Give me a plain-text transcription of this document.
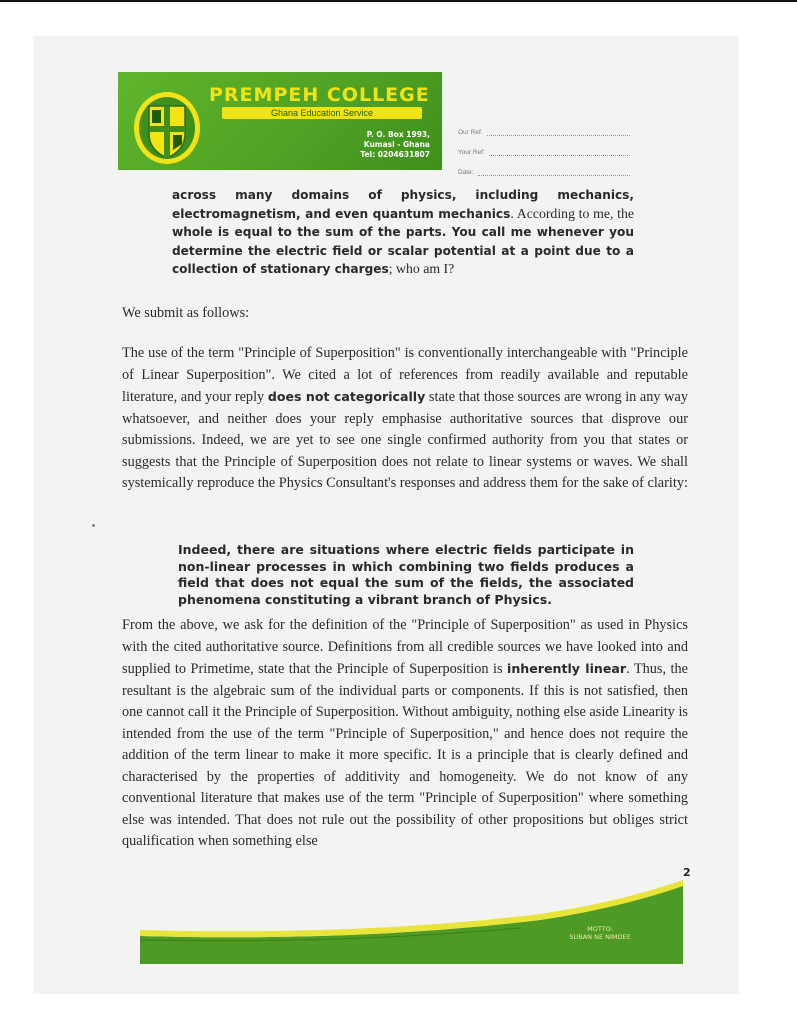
PREMPEH COLLEGE
Ghana Education Service
P. O. Box 1993,
Kumasi - Ghana
Tel: 0204631807
Our Ref:
Your Ref:
Date:
across many domains of physics, including mechanics, electromagnetism, and even quantum mechanics. According to me, the whole is equal to the sum of the parts. You call me whenever you determine the electric field or scalar potential at a point due to a collection of stationary charges; who am I?
We submit as follows:
The use of the term "Principle of Superposition" is conventionally interchangeable with "Principle of Linear Superposition". We cited a lot of references from readily available and reputable literature, and your reply does not categorically state that those sources are wrong in any way whatsoever, and neither does your reply emphasise authoritative sources that disprove our submissions. Indeed, we are yet to see one single confirmed authority from you that states or suggests that the Principle of Superposition does not relate to linear systems or waves. We shall systemically reproduce the Physics Consultant's responses and address them for the sake of clarity:
Indeed, there are situations where electric fields participate in non-linear processes in which combining two fields produces a field that does not equal the sum of the fields, the associated phenomena constituting a vibrant branch of Physics.
From the above, we ask for the definition of the "Principle of Superposition" as used in Physics with the cited authoritative source. Definitions from all credible sources we have looked into and supplied to Primetime, state that the Principle of Superposition is inherently linear. Thus, the resultant is the algebraic sum of the individual parts or components. If this is not satisfied, then one cannot call it the Principle of Superposition. Without ambiguity, nothing else aside Linearity is intended from the use of the term "Principle of Superposition," and hence does not require the addition of the term linear to make it more specific. It is a principle that is clearly defined and characterised by the properties of additivity and homogeneity. We do not know of any conventional literature that makes use of the term "Principle of Superposition" where something else was intended. That does not rule out the possibility of other propositions but obliges strict qualification when something else
2
MOTTO:
SUBAN NE NIMDEƐ
